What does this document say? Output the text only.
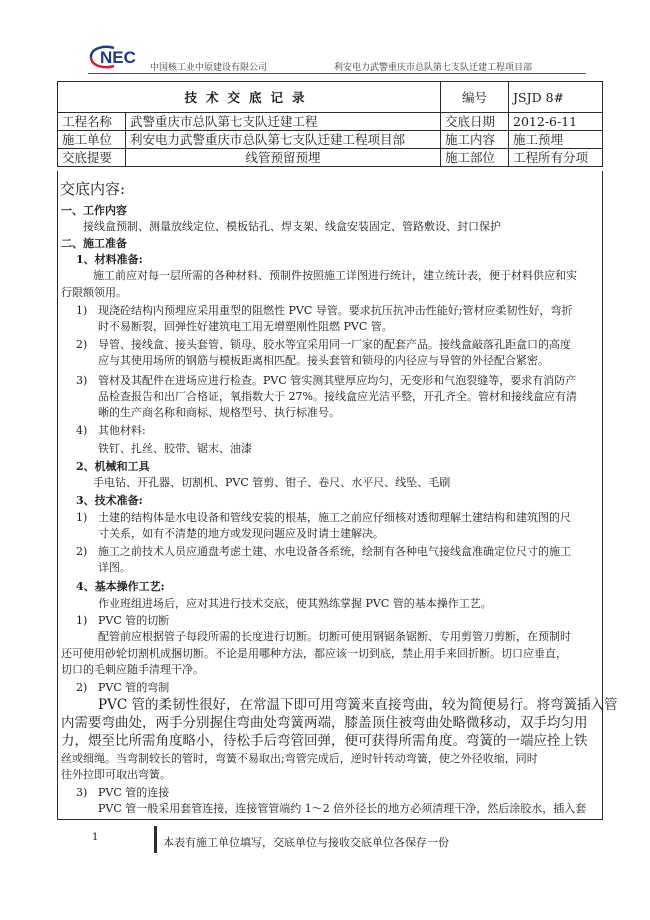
NEC
中国核工业中原建设有限公司	利安电力武警重庆市总队第七支队迁建工程项目部
技术交底记录		编号	JSJD 8#
工程名称	武警重庆市总队第七支队迁建工程	交底日期	2012-6-11
施工单位	利安电力武警重庆市总队第七支队迁建工程项目部	施工内容	施工预埋
交底提要	线管预留预埋	施工部位	工程所有分项
交底内容:
一、工作内容
接线盒预制、测量放线定位、模板钻孔、焊支架、线盒安装固定、管路敷设、封口保护
二、施工准备
1、材料准备:
施工前应对每一层所需的各种材料、预制件按照施工详图进行统计，建立统计表，便于材料供应和实
行限额领用。
1) 现浇砼结构内预埋应采用重型的阻燃性 PVC 导管。要求抗压抗冲击性能好;管材应柔韧性好，弯折
时不易断裂，回弹性好建筑电工用无增塑刚性阻燃 PVC 管。
2) 导管、接线盒、接头套管、锁母、胶水等宜采用同一厂家的配套产品。接线盒敲落孔距盒口的高度
应与其使用场所的钢筋与模板距离相匹配。接头套管和锁母的内径应与导管的外径配合紧密。
3) 管材及其配件在进场应进行检查。PVC 管实测其壁厚应均匀，无变形和气泡裂缝等，要求有消防产
品检查报告和出厂合格证，氧指数大于 27%。接线盒应光洁平整，开孔齐全。管材和接线盒应有清
晰的生产商名称和商标、规格型号、执行标准号。
4) 其他材料:
铁钉、扎丝、胶带、锯末、油漆
2、机械和工具
手电钻、开孔器、切割机、PVC 管剪、钳子、卷尺、水平尺、线坠、毛刷
3、技术准备:
1) 土建的结构体是水电设备和管线安装的根基，施工之前应仔细核对透彻理解土建结构和建筑图的尺
寸关系，如有不清楚的地方或发现问题应及时请土建解决。
2) 施工之前技术人员应通盘考虑土建、水电设备各系统，绘制有各种电气接线盒准确定位尺寸的施工
详图。
4、基本操作工艺:
作业班组进场后，应对其进行技术交底，使其熟练掌握 PVC 管的基本操作工艺。
1) PVC 管的切断
配管前应根据管子每段所需的长度进行切断。切断可使用钢锯条锯断、专用剪管刀剪断，在预制时
还可使用砂轮切割机成捆切断。不论是用哪种方法，都应该一切到底，禁止用手来回折断。切口应垂直，
切口的毛刺应随手清理干净。
2) PVC 管的弯制
PVC 管的柔韧性很好，在常温下即可用弯簧来直接弯曲，较为简便易行。将弯簧插入管
内需要弯曲处，两手分别握住弯曲处弯簧两端，膝盖顶住被弯曲处略微移动，双手均匀用
力，煨至比所需角度略小，待松手后弯管回弹，便可获得所需角度。弯簧的一端应拴上铁
丝或细绳。当弯制较长的管时，弯簧不易取出;弯管完成后，逆时针转动弯簧，使之外径收缩，同时
往外拉即可取出弯簧。
3) PVC 管的连接
PVC 管一般采用套管连接，连接管管端约 1～2 倍外径长的地方必须清理干净，然后涂胶水，插入套
1	本表有施工单位填写，交底单位与接收交底单位各保存一份
